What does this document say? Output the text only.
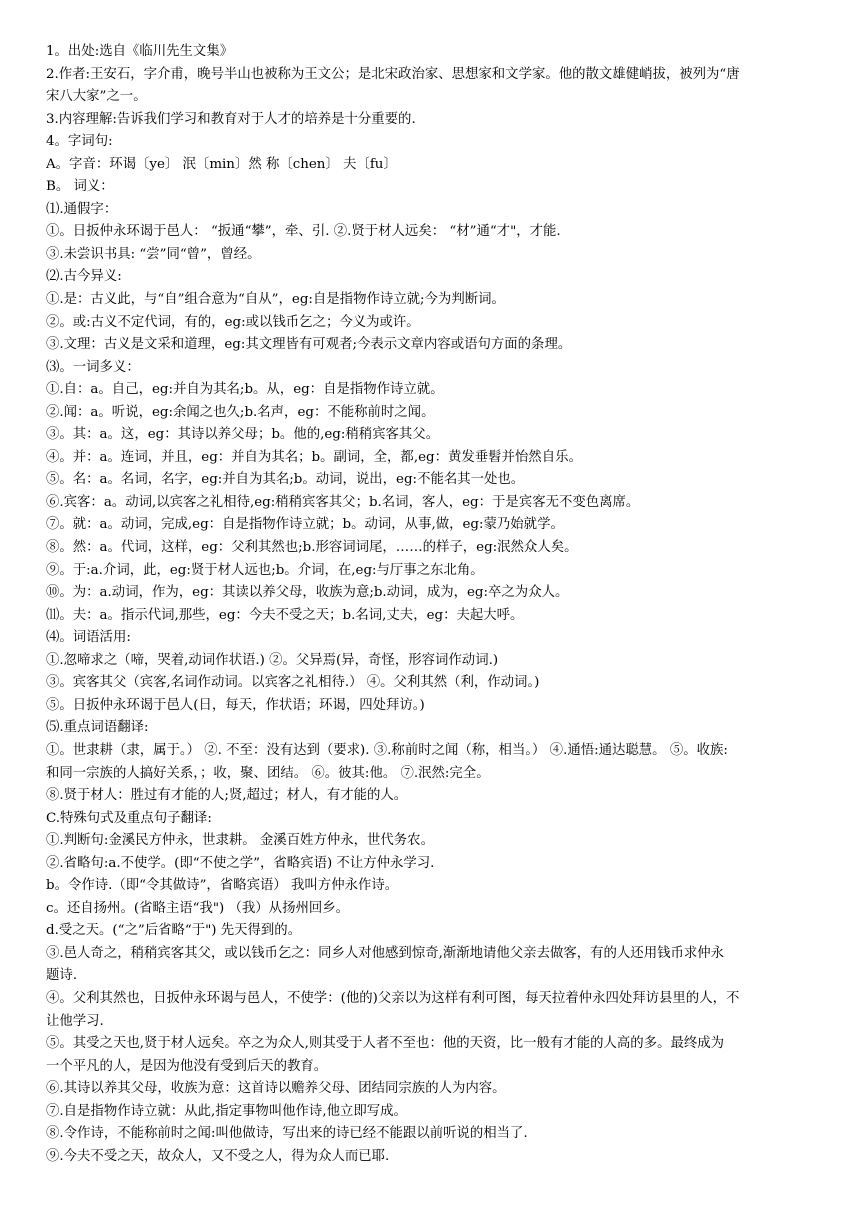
1。出处:选自《临川先生文集》
2.作者:王安石，字介甫，晚号半山也被称为王文公；是北宋政治家、思想家和文学家。他的散文雄健峭拔，被列为“唐
宋八大家”之一。
3.内容理解:告诉我们学习和教育对于人才的培养是十分重要的.
4。字词句:
A。字音：环谒〔ye〕 泯〔min〕然 称〔chen〕 夫〔fu〕
B。 词义：
⑴.通假字：
①。日扳仲永环谒于邑人： “扳通“攀”，牵、引. ②.贤于材人远矣： “材”通“才"，才能.
③.未尝识书具: “尝”同“曾”，曾经。
⑵.古今异义:
①.是：古义此，与“自”组合意为“自从”，eg:自是指物作诗立就;今为判断词。
②。或:古义不定代词，有的，eg:或以钱币乞之；今义为或许。
③.文理：古义是文采和道理，eg:其文理皆有可观者;今表示文章内容或语句方面的条理。
⑶。一词多义：
①.自：a。自己，eg:并自为其名;b。从，eg：自是指物作诗立就。
②.闻：a。听说，eg:余闻之也久;b.名声，eg：不能称前时之闻。
③。其：a。这，eg：其诗以养父母；b。他的,eg:稍稍宾客其父。
④。并：a。连词，并且，eg：并自为其名；b。副词，全，都,eg：黄发垂髫并怡然自乐。
⑤。名：a。名词，名字，eg:并自为其名;b。动词，说出，eg:不能名其一处也。
⑥.宾客：a。动词,以宾客之礼相待,eg:稍稍宾客其父；b.名词，客人，eg：于是宾客无不变色离席。
⑦。就：a。动词，完成,eg：自是指物作诗立就；b。动词，从事,做，eg:蒙乃始就学。
⑧。然：a。代词，这样，eg：父利其然也;b.形容词词尾，……的样子，eg:泯然众人矣。
⑨。于:a.介词，此，eg:贤于材人远也;b。介词，在,eg:与厅事之东北角。
⑩。为：a.动词，作为，eg：其读以养父母，收族为意;b.动词，成为，eg:卒之为众人。
⑾。夫：a。指示代词,那些，eg：今夫不受之天；b.名词,丈夫，eg：夫起大呼。
⑷。词语活用:
①.忽啼求之（啼，哭着,动词作状语.) ②。父异焉(异，奇怪，形容词作动词.)
③。宾客其父（宾客,名词作动词。以宾客之礼相待.） ④。父利其然（利，作动词。)
⑤。日扳仲永环谒于邑人(日，每天，作状语；环谒，四处拜访。)
⑸.重点词语翻译:
①。世隶耕（隶，属于。） ②. 不至：没有达到（要求). ③.称前时之闻（称，相当。） ④.通悟:通达聪慧。 ⑤。收族:
和同一宗族的人搞好关系，；收，聚、团结。 ⑥。彼其:他。 ⑦.泯然:完全。
⑧.贤于材人：胜过有才能的人;贤,超过；材人，有才能的人。
C.特殊句式及重点句子翻译:
①.判断句:金溪民方仲永，世隶耕。 金溪百姓方仲永，世代务农。
②.省略句:a.不使学。(即“不使之学”，省略宾语) 不让方仲永学习.
b。令作诗.（即“令其做诗”，省略宾语） 我叫方仲永作诗。
c。还自扬州。(省略主语“我") （我）从扬州回乡。
d.受之天。(“之”后省略“于") 先天得到的。
③.邑人奇之，稍稍宾客其父，或以钱币乞之：同乡人对他感到惊奇,渐渐地请他父亲去做客，有的人还用钱币求仲永
题诗.
④。父利其然也，日扳仲永环谒与邑人，不使学：(他的)父亲以为这样有利可图，每天拉着仲永四处拜访县里的人，不
让他学习.
⑤。其受之天也,贤于材人远矣。卒之为众人,则其受于人者不至也：他的天资，比一般有才能的人高的多。最终成为
一个平凡的人，是因为他没有受到后天的教育。
⑥.其诗以养其父母，收族为意：这首诗以赡养父母、团结同宗族的人为内容。
⑦.自是指物作诗立就：从此,指定事物叫他作诗,他立即写成。
⑧.令作诗，不能称前时之闻:叫他做诗，写出来的诗已经不能跟以前听说的相当了.
⑨.今夫不受之天，故众人，又不受之人，得为众人而已耶.
